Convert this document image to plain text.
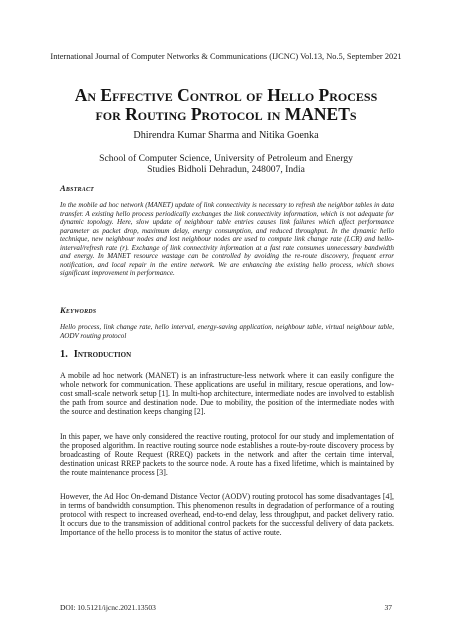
International Journal of Computer Networks & Communications (IJCNC) Vol.13, No.5, September 2021
An Effective Control of Hello Process
for Routing Protocol in MANETs
Dhirendra Kumar Sharma and Nitika Goenka
School of Computer Science, University of Petroleum and Energy
Studies Bidholi Dehradun, 248007, India
Abstract
In the mobile ad hoc network (MANET) update of link connectivity is necessary to refresh the neighbor tables in data transfer. A existing hello process periodically exchanges the link connectivity information, which is not adequate for dynamic topology. Here, slow update of neighbour table entries causes link failures which affect performance parameter as packet drop, maximum delay, energy consumption, and reduced throughput. In the dynamic hello technique, new neighbour nodes and lost neighbour nodes are used to compute link change rate (LCR) and hello-interval/refresh rate (r). Exchange of link connectivity information at a fast rate consumes unnecessary bandwidth and energy. In MANET resource wastage can be controlled by avoiding the re-route discovery, frequent error notification, and local repair in the entire network. We are enhancing the existing hello process, which shows significant improvement in performance.
Keywords
Hello process, link change rate, hello interval, energy-saving application, neighbour table, virtual neighbour table, AODV routing protocol
1. Introduction
A mobile ad hoc network (MANET) is an infrastructure-less network where it can easily configure the whole network for communication. These applications are useful in military, rescue operations, and low-cost small-scale network setup [1]. In multi-hop architecture, intermediate nodes are involved to establish the path from source and destination node. Due to mobility, the position of the intermediate nodes with the source and destination keeps changing [2].
In this paper, we have only considered the reactive routing, protocol for our study and implementation of the proposed algorithm. In reactive routing source node establishes a route-by-route discovery process by broadcasting of Route Request (RREQ) packets in the network and after the certain time interval, destination unicast RREP packets to the source node. A route has a fixed lifetime, which is maintained by the route maintenance process [3].
However, the Ad Hoc On-demand Distance Vector (AODV) routing protocol has some disadvantages [4], in terms of bandwidth consumption. This phenomenon results in degradation of performance of a routing protocol with respect to increased overhead, end-to-end delay, less throughput, and packet delivery ratio. It occurs due to the transmission of additional control packets for the successful delivery of data packets. Importance of the hello process is to monitor the status of active route.
DOI: 10.5121/ijcnc.2021.13503	37
